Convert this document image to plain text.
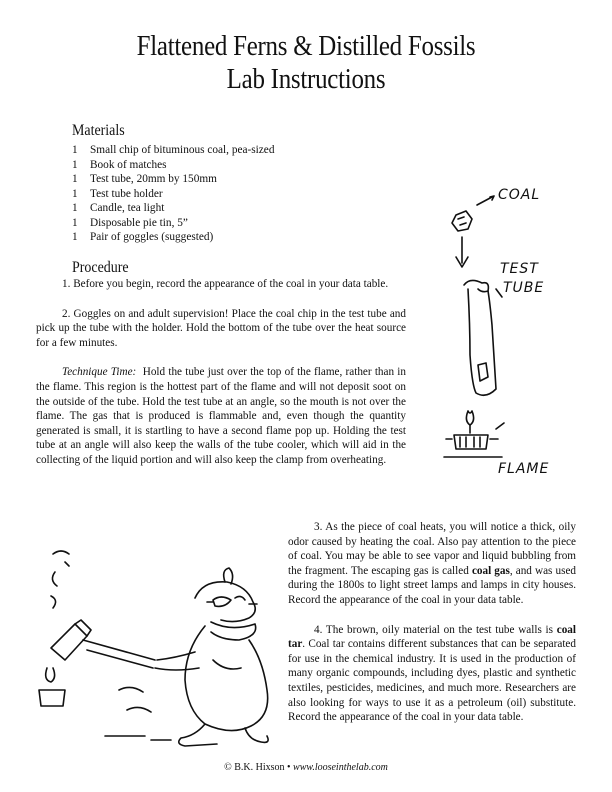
Flattened Ferns & Distilled Fossils
Lab Instructions
Materials
1 Small chip of bituminous coal, pea-sized
1 Book of matches
1 Test tube, 20mm by 150mm
1 Test tube holder
1 Candle, tea light
1 Disposable pie tin, 5”
1 Pair of goggles (suggested)
Procedure

1. Before you begin, record the appearance of the coal in your data table.

2. Goggles on and adult supervision! Place the coal chip in the test tube and pick up the tube with the holder. Hold the bottom of the tube over the heat source for a few minutes.

Technique Time: Hold the tube just over the top of the flame, rather than in the flame. This region is the hottest part of the flame and will not deposit soot on the outside of the tube. Hold the test tube at an angle, so the mouth is not over the flame. The gas that is produced is flammable and, even though the quantity generated is small, it is startling to have a second flame pop up. Holding the test tube at an angle will also keep the walls of the tube cooler, which will aid in the collecting of the liquid portion and will also keep the clamp from overheating.

3. As the piece of coal heats, you will notice a thick, oily odor caused by heating the coal. Also pay attention to the piece of coal. You may be able to see vapor and liquid bubbling from the fragment. The escaping gas is called coal gas, and was used during the 1800s to light street lamps and lamps in city houses. Record the appearance of the coal in your data table.

4. The brown, oily material on the test tube walls is coal tar. Coal tar contains different substances that can be separated for use in the chemical industry. It is used in the production of many organic compounds, including dyes, plastic and synthetic textiles, pesticides, medicines, and much more. Researchers are also looking for ways to use it as a petroleum (oil) substitute. Record the appearance of the coal in your data table.

COAL
TEST
TUBE
FLAME
© B.K. Hixson • www.looseinthelab.com
